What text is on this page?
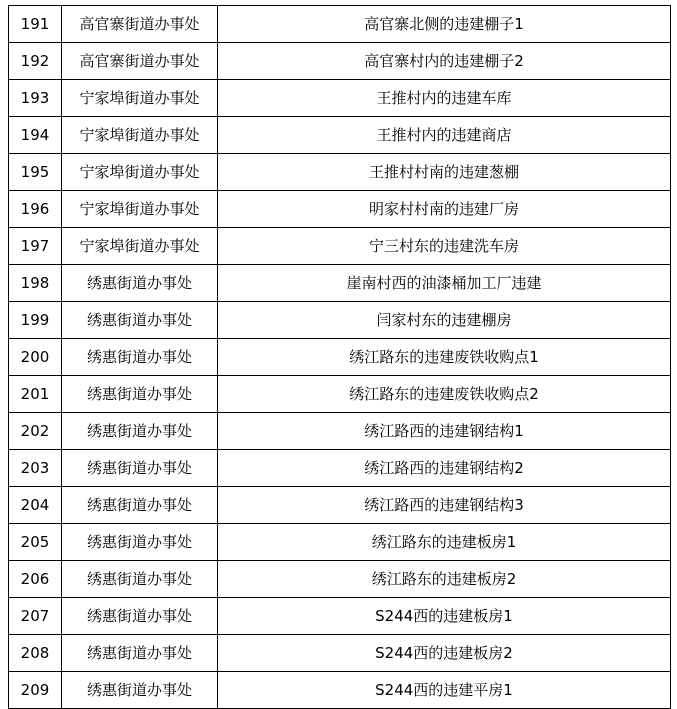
191	高官寨街道办事处	高官寨北侧的违建棚子1
192	高官寨街道办事处	高官寨村内的违建棚子2
193	宁家埠街道办事处	王推村内的违建车库
194	宁家埠街道办事处	王推村内的违建商店
195	宁家埠街道办事处	王推村村南的违建葱棚
196	宁家埠街道办事处	明家村村南的违建厂房
197	宁家埠街道办事处	宁三村东的违建洗车房
198	绣惠街道办事处	崖南村西的油漆桶加工厂违建
199	绣惠街道办事处	闫家村东的违建棚房
200	绣惠街道办事处	绣江路东的违建废铁收购点1
201	绣惠街道办事处	绣江路东的违建废铁收购点2
202	绣惠街道办事处	绣江路西的违建钢结构1
203	绣惠街道办事处	绣江路西的违建钢结构2
204	绣惠街道办事处	绣江路西的违建钢结构3
205	绣惠街道办事处	绣江路东的违建板房1
206	绣惠街道办事处	绣江路东的违建板房2
207	绣惠街道办事处	S244西的违建板房1
208	绣惠街道办事处	S244西的违建板房2
209	绣惠街道办事处	S244西的违建平房1
